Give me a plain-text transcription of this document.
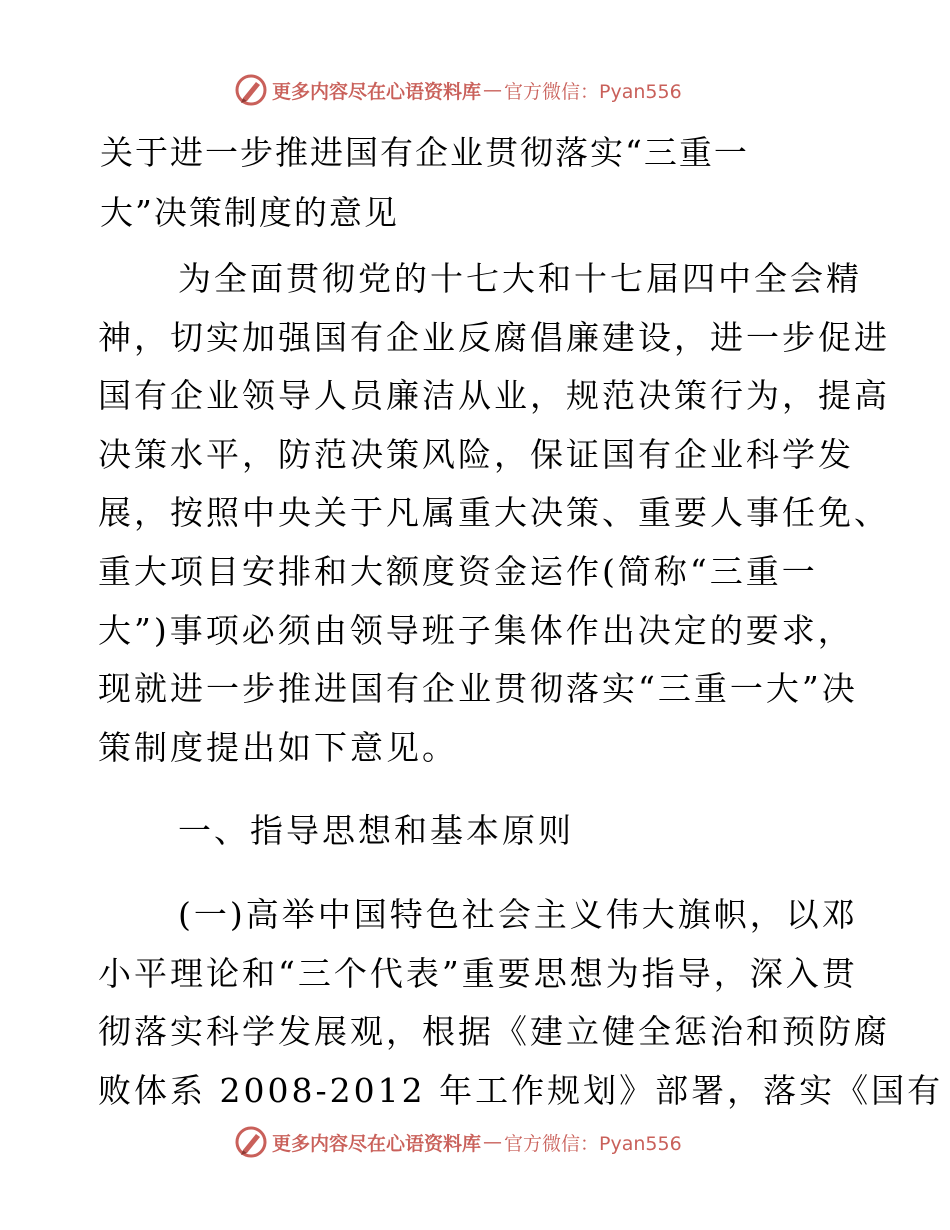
更多内容尽在心语资料库 — 官方微信：Pyan556
关于进一步推进国有企业贯彻落实“三重一
大”决策制度的意见
为全面贯彻党的十七大和十七届四中全会精
神，切实加强国有企业反腐倡廉建设，进一步促进
国有企业领导人员廉洁从业，规范决策行为，提高
决策水平，防范决策风险，保证国有企业科学发
展，按照中央关于凡属重大决策、重要人事任免、
重大项目安排和大额度资金运作(简称“三重一
大”)事项必须由领导班子集体作出决定的要求，
现就进一步推进国有企业贯彻落实“三重一大”决
策制度提出如下意见。
一、指导思想和基本原则
(一)高举中国特色社会主义伟大旗帜，以邓
小平理论和“三个代表”重要思想为指导，深入贯
彻落实科学发展观，根据《建立健全惩治和预防腐
败体系 2008-2012 年工作规划》部署，落实《国有
更多内容尽在心语资料库 — 官方微信：Pyan556
